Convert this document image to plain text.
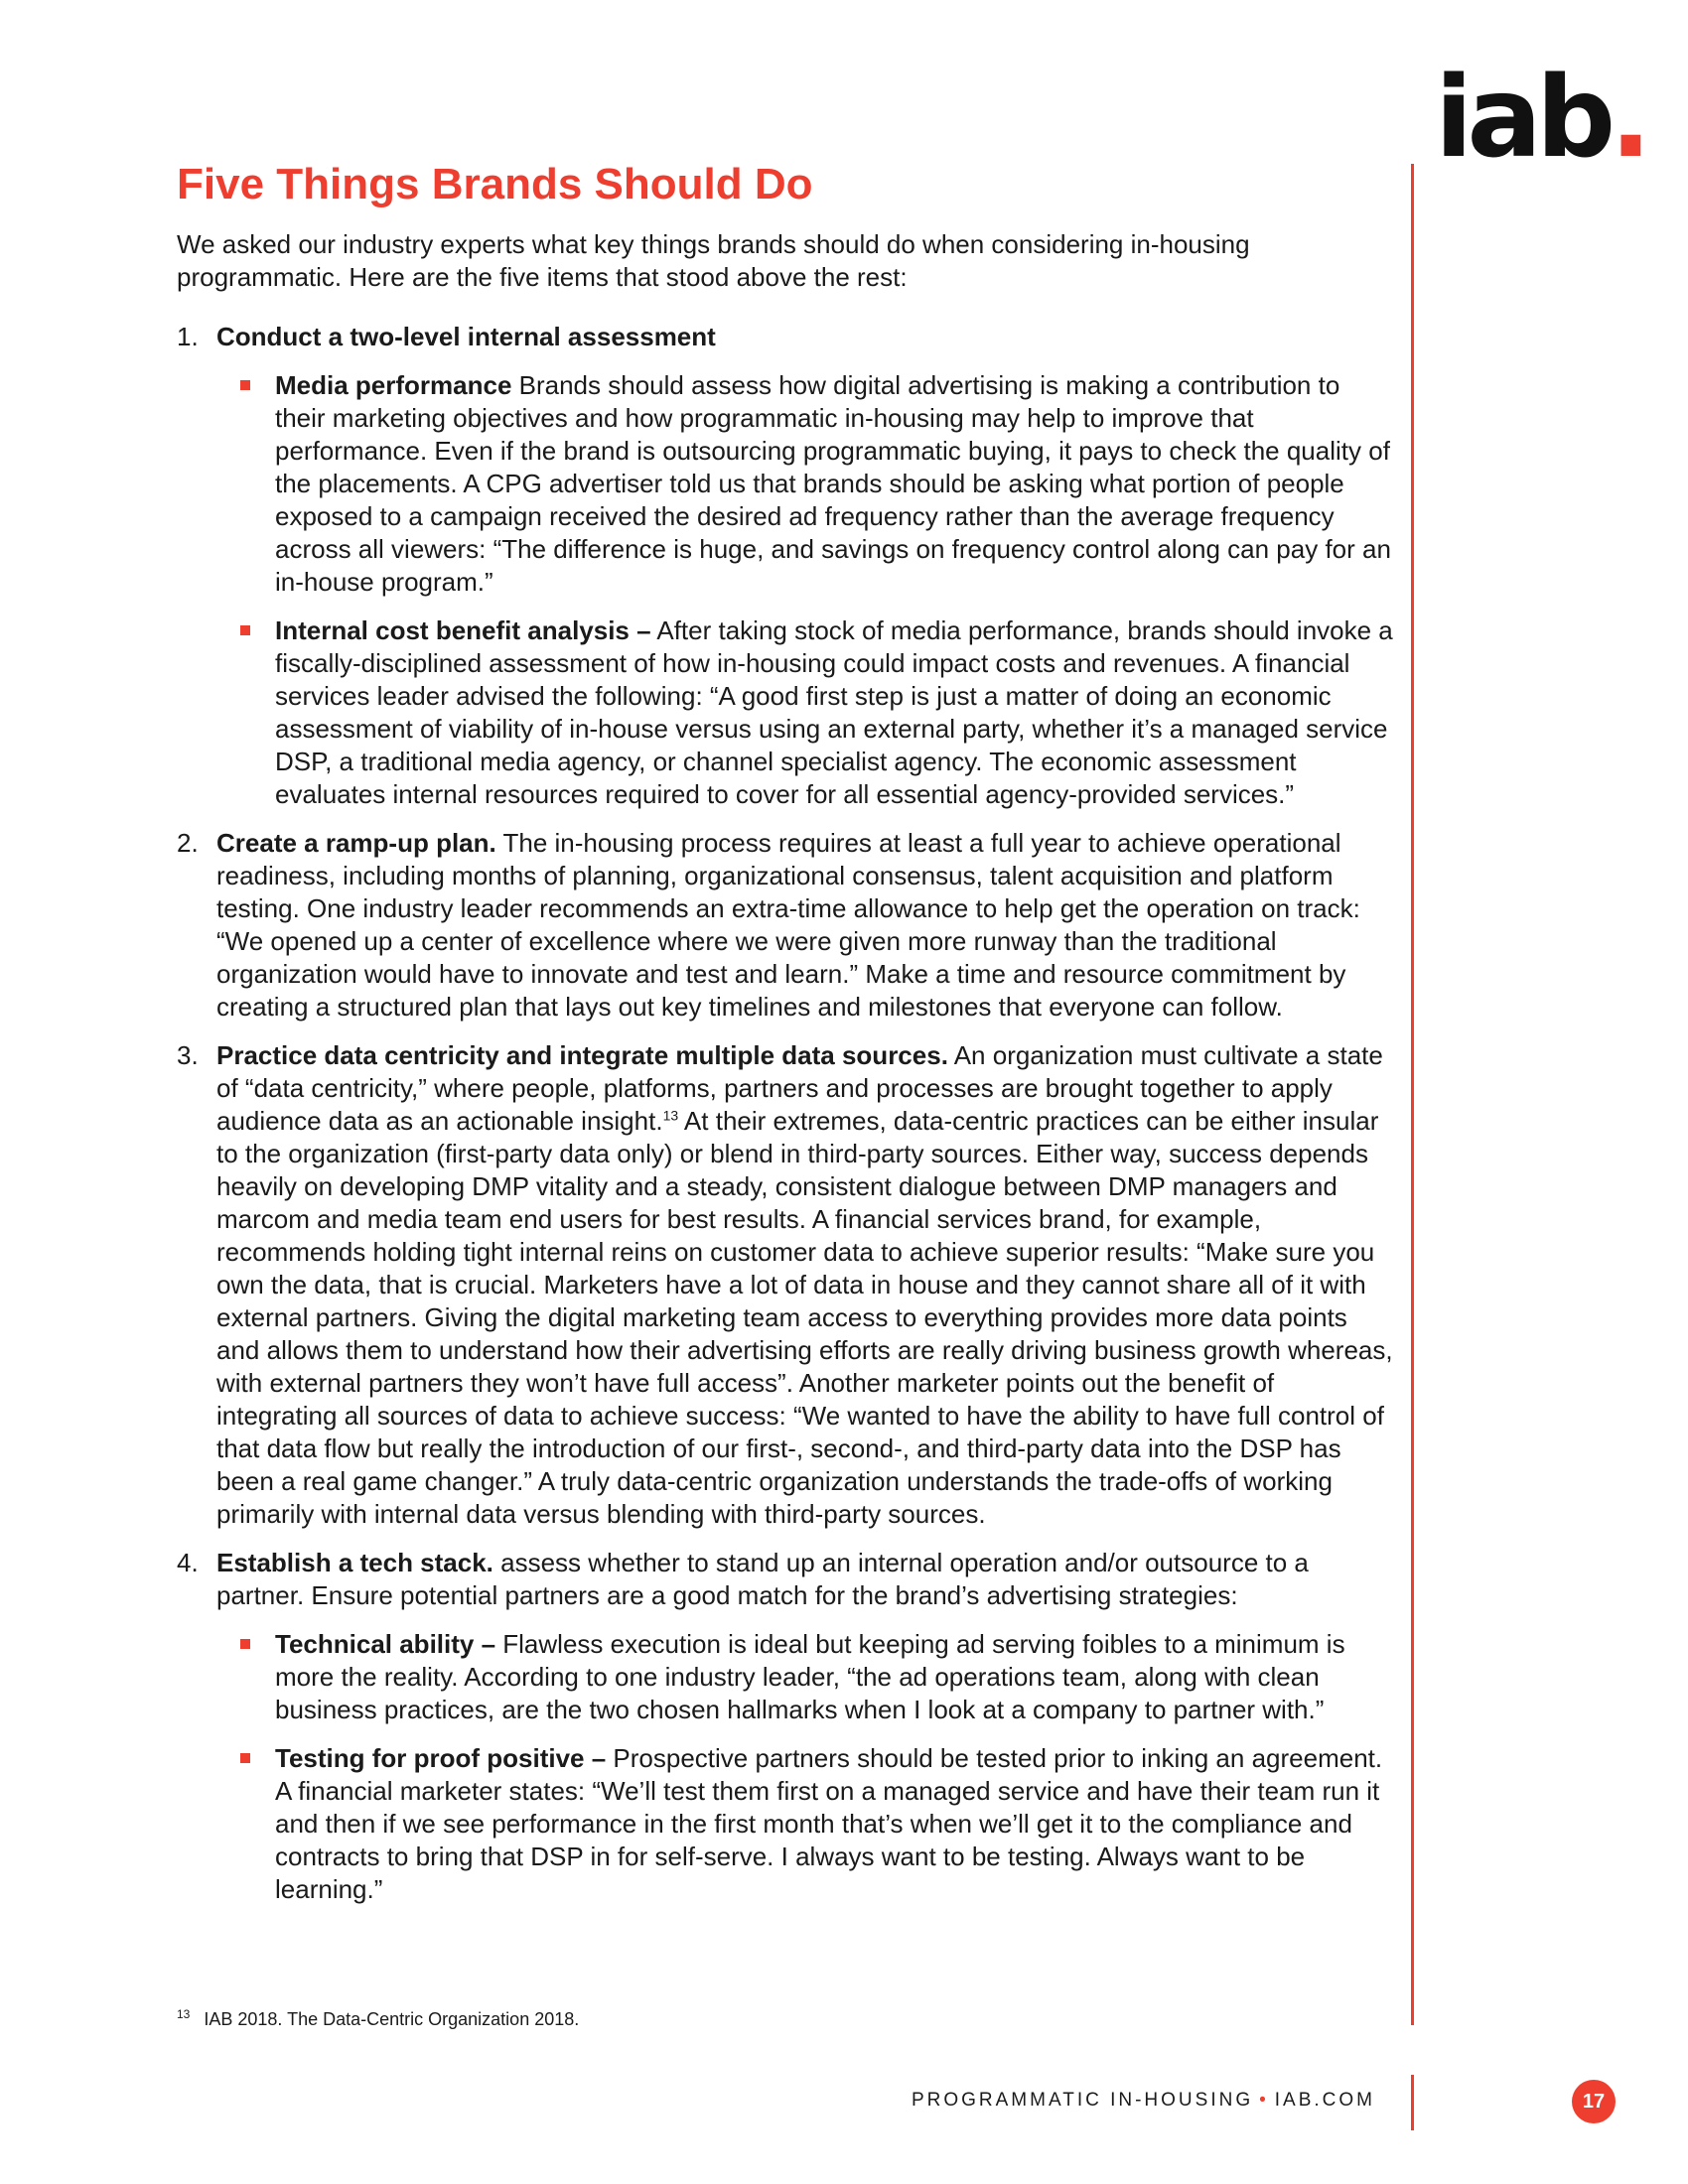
iab.
Five Things Brands Should Do

We asked our industry experts what key things brands should do when considering in-housing programmatic. Here are the five items that stood above the rest:

1. Conduct a two-level internal assessment

Media performance Brands should assess how digital advertising is making a contribution to their marketing objectives and how programmatic in-housing may help to improve that performance. Even if the brand is outsourcing programmatic buying, it pays to check the quality of the placements. A CPG advertiser told us that brands should be asking what portion of people exposed to a campaign received the desired ad frequency rather than the average frequency across all viewers: “The difference is huge, and savings on frequency control along can pay for an in-house program.”
Internal cost benefit analysis – After taking stock of media performance, brands should invoke a fiscally-disciplined assessment of how in-housing could impact costs and revenues. A financial services leader advised the following: “A good first step is just a matter of doing an economic assessment of viability of in-house versus using an external party, whether it’s a managed service DSP, a traditional media agency, or channel specialist agency. The economic assessment evaluates internal resources required to cover for all essential agency-provided services.”
2. Create a ramp-up plan. The in-housing process requires at least a full year to achieve operational readiness, including months of planning, organizational consensus, talent acquisition and platform testing. One industry leader recommends an extra-time allowance to help get the operation on track: “We opened up a center of excellence where we were given more runway than the traditional organization would have to innovate and test and learn.” Make a time and resource commitment by creating a structured plan that lays out key timelines and milestones that everyone can follow.

3. Practice data centricity and integrate multiple data sources. An organization must cultivate a state of “data centricity,” where people, platforms, partners and processes are brought together to apply audience data as an actionable insight.$^{13}$ At their extremes, data-centric practices can be either insular to the organization (first-party data only) or blend in third-party sources. Either way, success depends heavily on developing DMP vitality and a steady, consistent dialogue between DMP managers and marcom and media team end users for best results. A financial services brand, for example, recommends holding tight internal reins on customer data to achieve superior results: “Make sure you own the data, that is crucial. Marketers have a lot of data in house and they cannot share all of it with external partners. Giving the digital marketing team access to everything provides more data points and allows them to understand how their advertising efforts are really driving business growth whereas, with external partners they won’t have full access”. Another marketer points out the benefit of integrating all sources of data to achieve success: “We wanted to have the ability to have full control of that data flow but really the introduction of our first-, second-, and third-party data into the DSP has been a real game changer.” A truly data-centric organization understands the trade-offs of working primarily with internal data versus blending with third-party sources.

4. Establish a tech stack. assess whether to stand up an internal operation and/or outsource to a partner. Ensure potential partners are a good match for the brand’s advertising strategies:

Technical ability – Flawless execution is ideal but keeping ad serving foibles to a minimum is more the reality. According to one industry leader, “the ad operations team, along with clean business practices, are the two chosen hallmarks when I look at a company to partner with.”
Testing for proof positive – Prospective partners should be tested prior to inking an agreement. A financial marketer states: “We’ll test them first on a managed service and have their team run it and then if we see performance in the first month that’s when we’ll get it to the compliance and contracts to bring that DSP in for self-serve. I always want to be testing. Always want to be learning.”
$^{13}$ IAB 2018. The Data-Centric Organization 2018.
PROGRAMMATIC IN-HOUSING • IAB.COM	17
